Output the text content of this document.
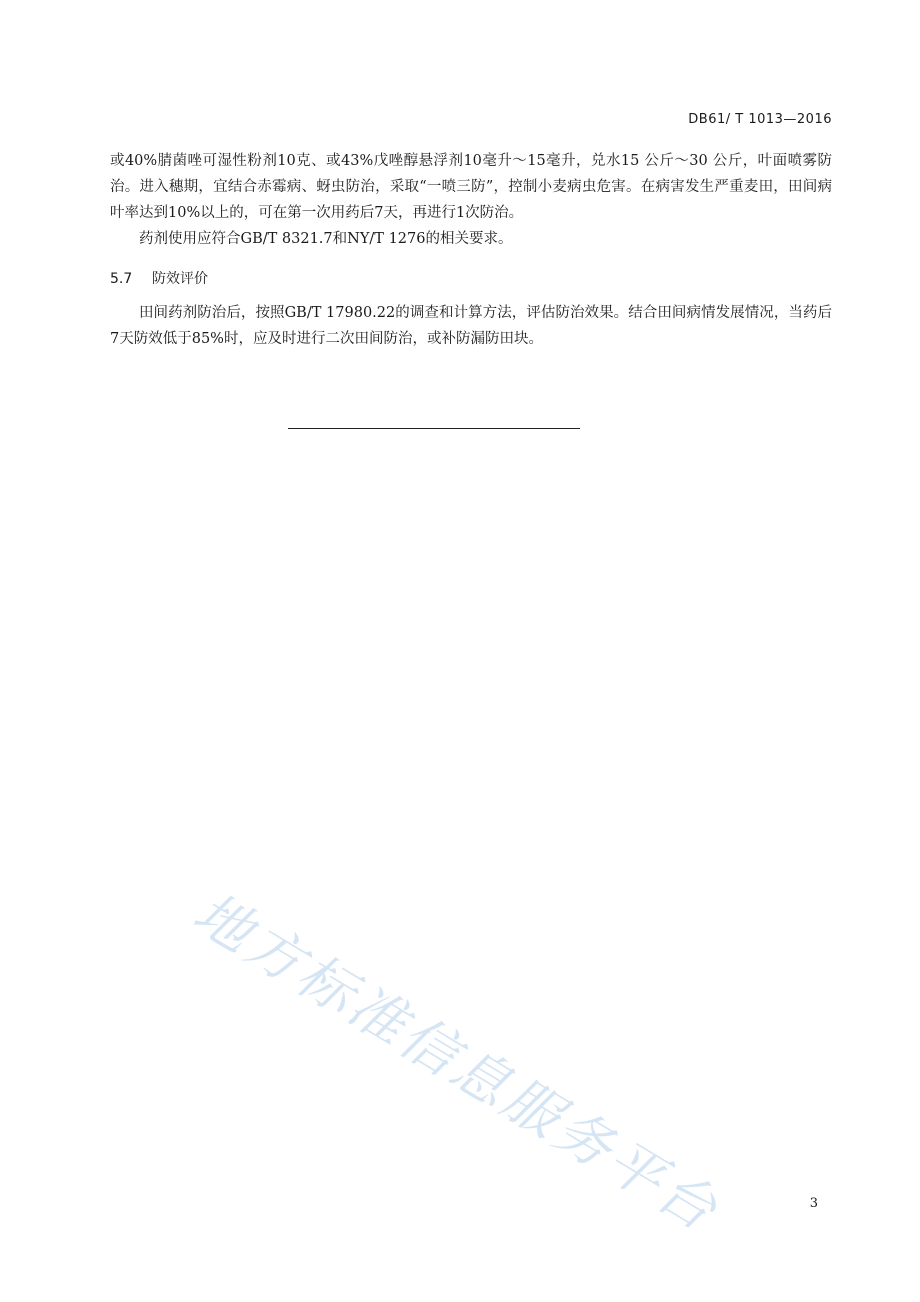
DB61/ T 1013—2016

或40%腈菌唑可湿性粉剂10克、或43%戊唑醇悬浮剂10毫升～15毫升，兑水15 公斤～30 公斤，叶面喷雾防治。进入穗期，宜结合赤霉病、蚜虫防治，采取“一喷三防”，控制小麦病虫危害。在病害发生严重麦田，田间病叶率达到10%以上的，可在第一次用药后7天，再进行1次防治。

药剂使用应符合GB/T 8321.7和NY/T 1276的相关要求。

5.7 防效评价

田间药剂防治后，按照GB/T 17980.22的调查和计算方法，评估防治效果。结合田间病情发展情况，当药后7天防效低于85%时，应及时进行二次田间防治，或补防漏防田块。

地方标准信息服务平台	3
